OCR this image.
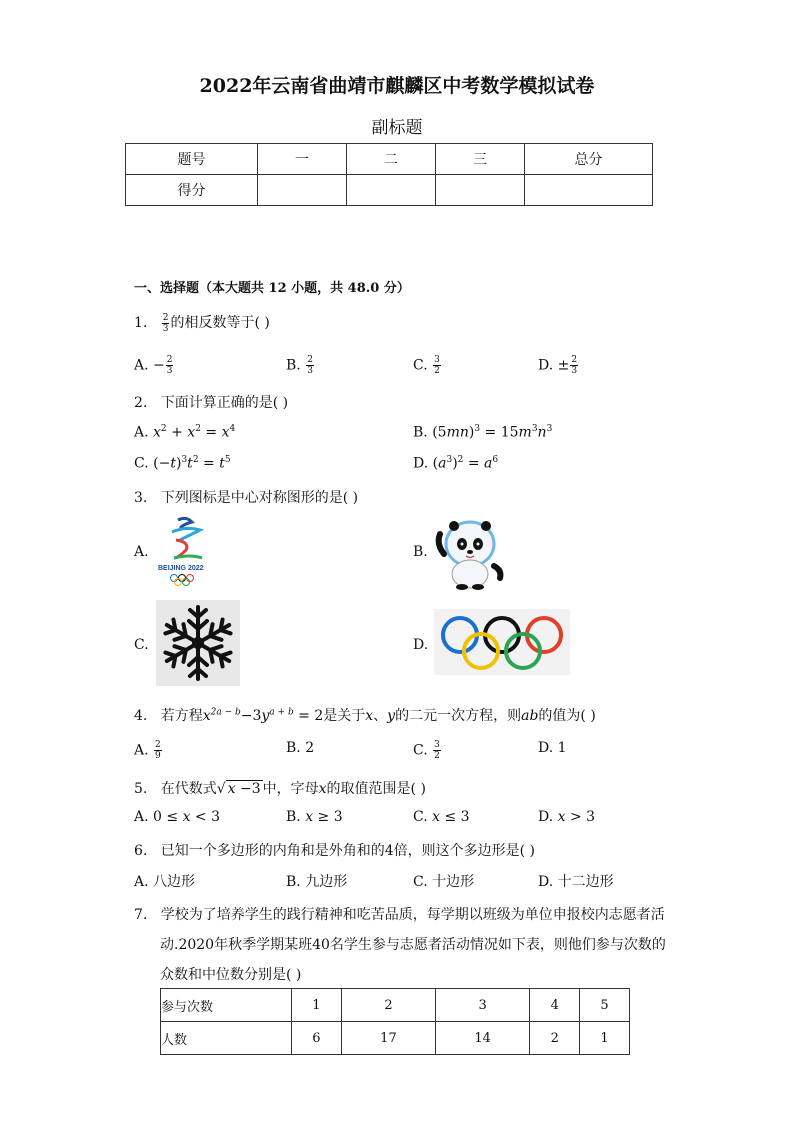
2022年云南省曲靖市麒麟区中考数学模拟试卷
副标题
题号	一	二	三	总分
得分				
一、选择题（本大题共 12 小题，共 48.0 分）
1. $\frac{2}{3}$ 的相反数等于( )
A. − $\frac{2}{3}$	B. $\frac{2}{3}$	C. $\frac{3}{2}$	D. ± $\frac{2}{3}$
2. 下面计算正确的是( )
A. $x^2 + x^2 = x^4$	B. $(5mn)^3 = 15m^3n^3$
C. $(-t)^3t^2 = t^5$	D. $(a^3)^2 = a^6$
3. 下列图标是中心对称图形的是( )
A.
BEIJING 2022
B.
C.	D.
4. 若方程$x^{2a - b}-3y^{a + b} = 2$是关于x、y的二元一次方程，则ab的值为( )
A. $\frac{2}{9}$	B. 2	C. $\frac{3}{2}$	D. 1
5. 在代数式√ x −3 中，字母x的取值范围是( )
A. 0 ≤ x < 3	B. x ≥ 3	C. x ≤ 3	D. x > 3
6. 已知一个多边形的内角和是外角和的4倍，则这个多边形是( )
A. 八边形	B. 九边形	C. 十边形	D. 十二边形
7. 学校为了培养学生的践行精神和吃苦品质，每学期以班级为单位申报校内志愿者活
动.2020年秋季学期某班40名学生参与志愿者活动情况如下表，则他们参与次数的
众数和中位数分别是( )
参与次数	1	2	3	4	5
人数	6	17	14	2	1
